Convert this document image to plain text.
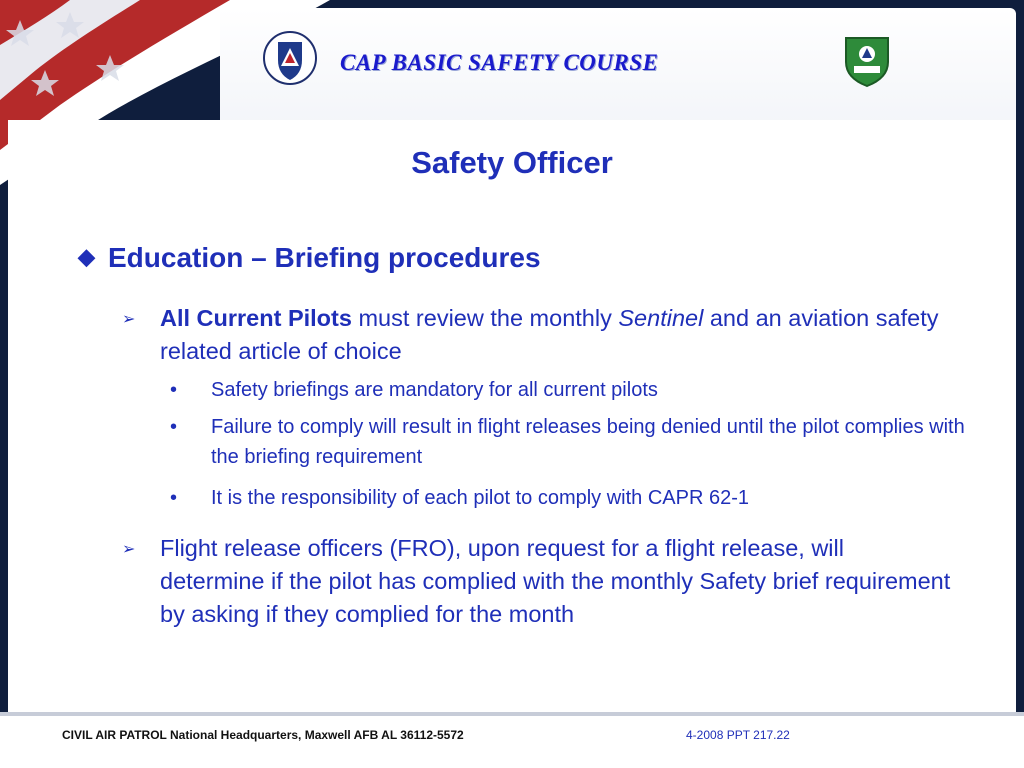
CAP BASIC SAFETY COURSE
Safety Officer
◆ Education – Briefing procedures
➢ All Current Pilots must review the monthly Sentinel and an aviation safety related article of choice
• Safety briefings are mandatory for all current pilots
• Failure to comply will result in flight releases being denied until the pilot complies with the briefing requirement
• It is the responsibility of each pilot to comply with CAPR 62-1
➢ Flight release officers (FRO), upon request for a flight release, will determine if the pilot has complied with the monthly Safety brief requirement by asking if they complied for the month
CIVIL AIR PATROL National Headquarters, Maxwell AFB AL 36112-5572	4-2008 PPT 217.22
